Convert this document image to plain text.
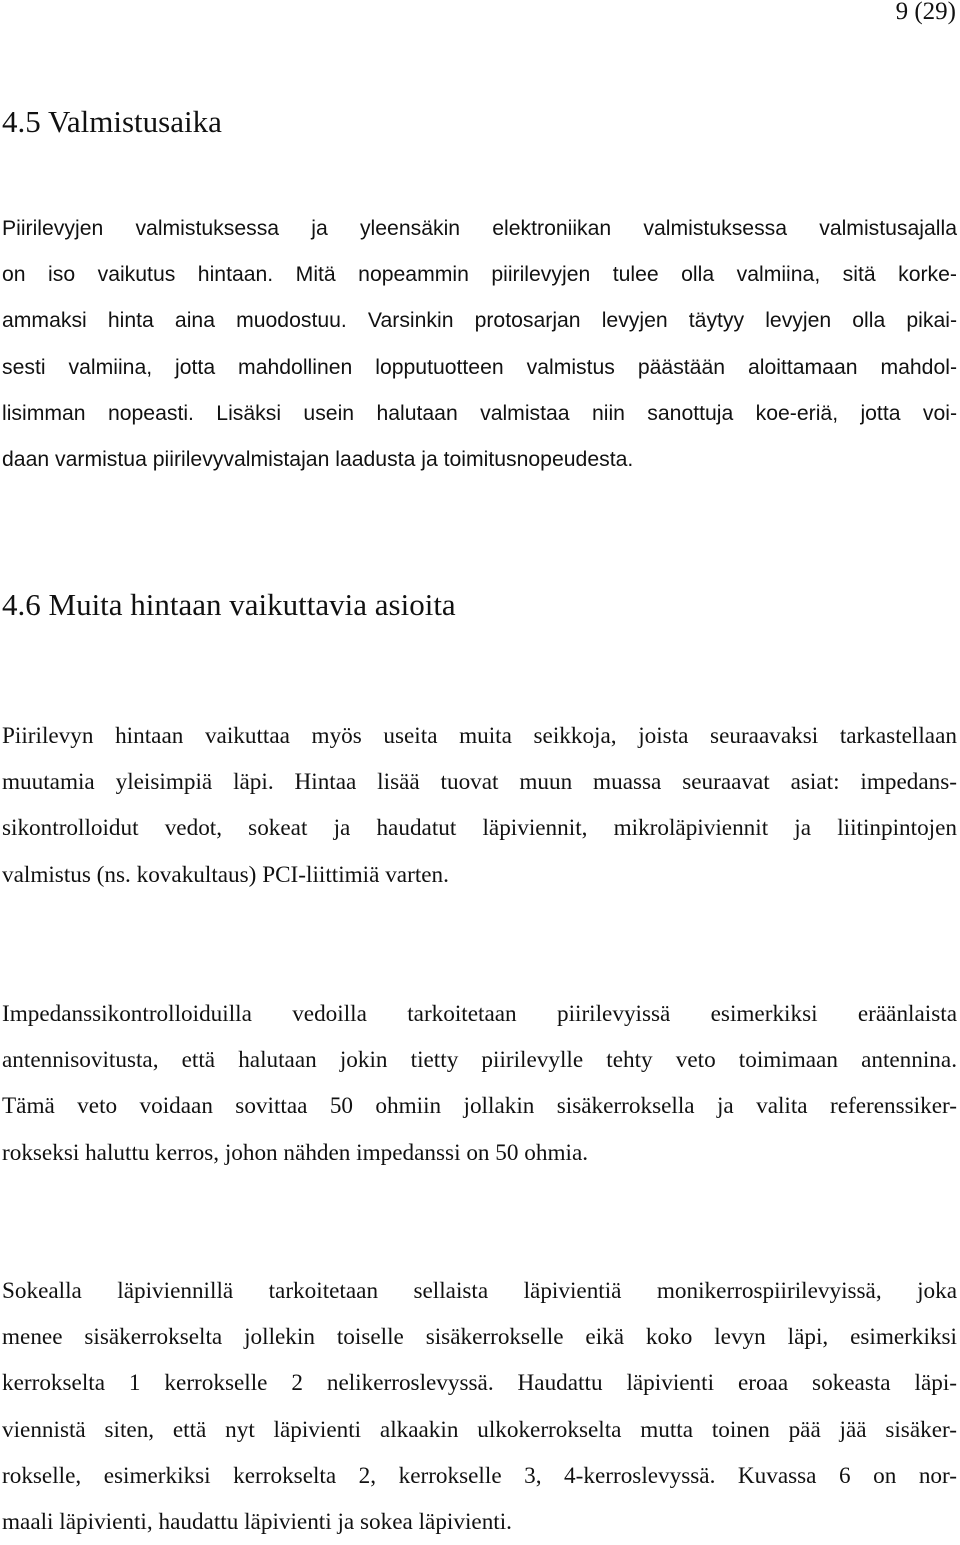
9 (29)
4.5 Valmistusaika
Piirilevyjen valmistuksessa ja yleensäkin elektroniikan valmistuksessa valmistusajalla
on iso vaikutus hintaan. Mitä nopeammin piirilevyjen tulee olla valmiina, sitä korke-
ammaksi hinta aina muodostuu. Varsinkin protosarjan levyjen täytyy levyjen olla pikai-
sesti valmiina, jotta mahdollinen lopputuotteen valmistus päästään aloittamaan mahdol-
lisimman nopeasti. Lisäksi usein halutaan valmistaa niin sanottuja koe-eriä, jotta voi-
daan varmistua piirilevyvalmistajan laadusta ja toimitusnopeudesta.
4.6 Muita hintaan vaikuttavia asioita
Piirilevyn hintaan vaikuttaa myös useita muita seikkoja, joista seuraavaksi tarkastellaan
muutamia yleisimpiä läpi. Hintaa lisää tuovat muun muassa seuraavat asiat: impedans-
sikontrolloidut vedot, sokeat ja haudatut läpiviennit, mikroläpiviennit ja liitinpintojen
valmistus (ns. kovakultaus) PCI-liittimiä varten.
Impedanssikontrolloiduilla vedoilla tarkoitetaan piirilevyissä esimerkiksi eräänlaista
antennisovitusta, että halutaan jokin tietty piirilevylle tehty veto toimimaan antennina.
Tämä veto voidaan sovittaa 50 ohmiin jollakin sisäkerroksella ja valita referenssiker-
rokseksi haluttu kerros, johon nähden impedanssi on 50 ohmia.
Sokealla läpiviennillä tarkoitetaan sellaista läpivientiä monikerrospiirilevyissä, joka
menee sisäkerrokselta jollekin toiselle sisäkerrokselle eikä koko levyn läpi, esimerkiksi
kerrokselta 1 kerrokselle 2 nelikerroslevyssä. Haudattu läpivienti eroaa sokeasta läpi-
viennistä siten, että nyt läpivienti alkaakin ulkokerrokselta mutta toinen pää jää sisäker-
rokselle, esimerkiksi kerrokselta 2, kerrokselle 3, 4-kerroslevyssä. Kuvassa 6 on nor-
maali läpivienti, haudattu läpivienti ja sokea läpivienti.
